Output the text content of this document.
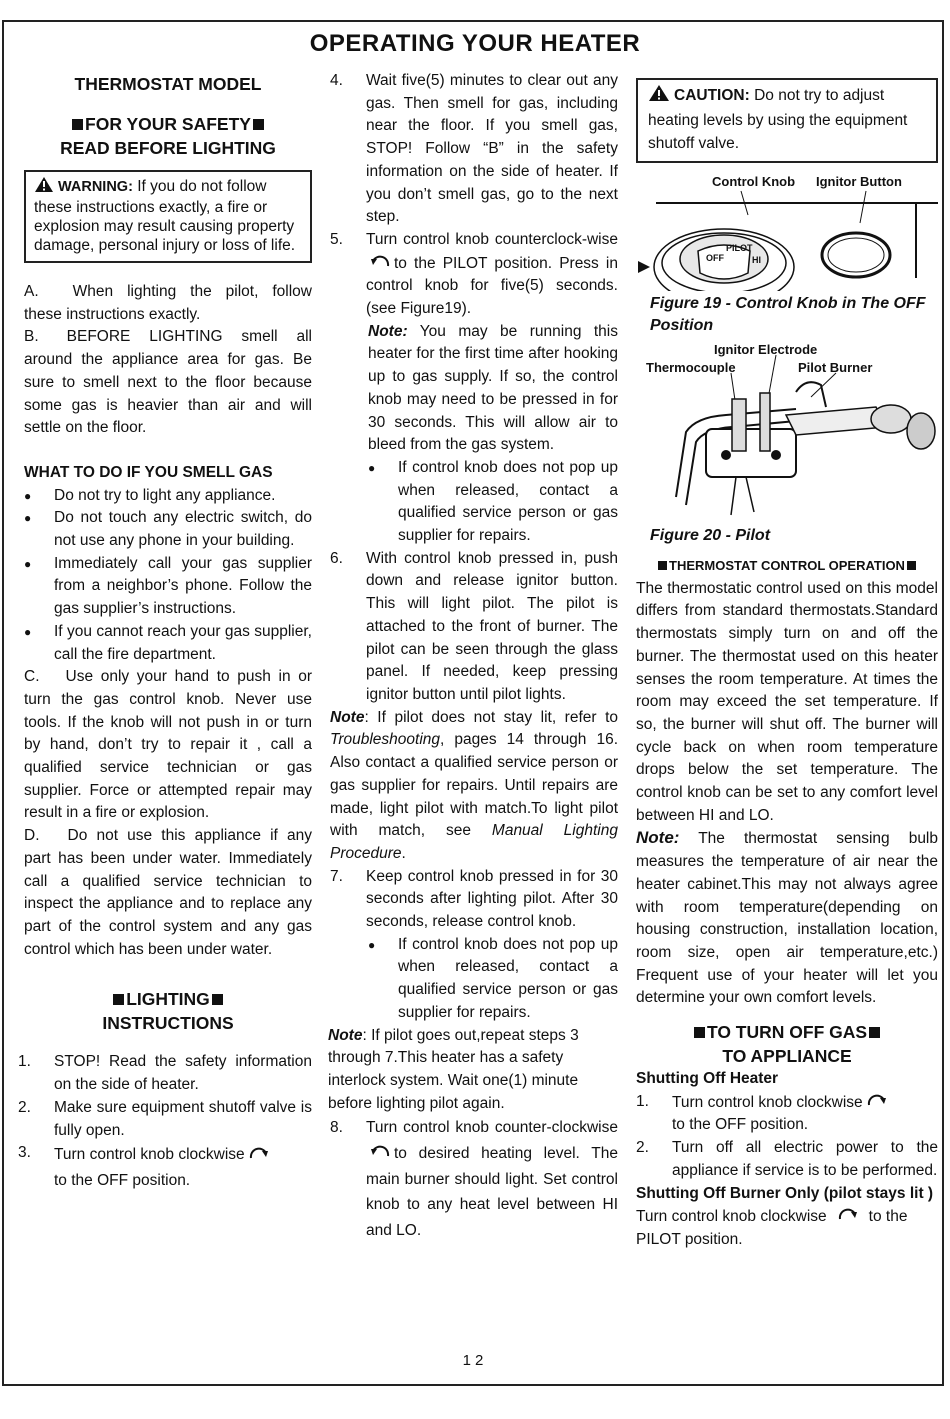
OPERATING YOUR HEATER
THERMOSTAT MODEL
FOR YOUR SAFETY
READ BEFORE LIGHTING
WARNING: If you do not follow these instructions exactly, a fire or explosion may result causing property damage, personal injury or loss of life.
A. When lighting the pilot, follow these instructions exactly.
B. BEFORE LIGHTING smell all around the appliance area for gas. Be sure to smell next to the floor because some gas is heavier than air and will settle on the floor.
WHAT TO DO IF YOU SMELL GAS
●
Do not try to light any appliance.
●
Do not touch any electric switch, do not use any phone in your building.
●
Immediately call your gas supplier from a neighbor’s phone. Follow the gas supplier’s instructions.
●
If you cannot reach your gas supplier, call the fire department.
C. Use only your hand to push in or turn the gas control knob. Never use tools. If the knob will not push in or turn by hand, don’t try to repair it , call a qualified service technician or gas supplier. Force or attempted repair may result in a fire or explosion.
D. Do not use this appliance if any part has been under water. Immediately call a qualified service technician to inspect the appliance and to replace any part of the control system and any gas control which has been under water.
LIGHTING
INSTRUCTIONS
1.	STOP! Read the safety information on the side of heater.
2.	Make sure equipment shutoff valve is fully open.
3.	Turn control knob clockwise
to the OFF position.
4.	Wait five(5) minutes to clear out any gas. Then smell for gas, including near the floor. If you smell gas, STOP! Follow “B” in the safety information on the side of heater. If you don’t smell gas, go to the next step.
5.	Turn control knob counterclock-wiseto the PILOT position. Press in control knob for five(5) seconds. (see Figure19).
Note: You may be running this heater for the first time after hooking up to gas supply. If so, the control knob may need to be pressed in for 30 seconds. This will allow air to bleed from the gas system.
●
If control knob does not pop up when released, contact a qualified service person or gas supplier for repairs.
6.	With control knob pressed in, push down and release ignitor button. This will light pilot. The pilot is attached to the front of burner. The pilot can be seen through the glass panel. If needed, keep pressing ignitor button until pilot lights.
Note: If pilot does not stay lit, refer to Troubleshooting, pages 14 through 16. Also contact a qualified service person or gas supplier for repairs. Until repairs are made, light pilot with match.To light pilot with match, see Manual Lighting Procedure.
7.	Keep control knob pressed in for 30 seconds after lighting pilot. After 30 seconds, release control knob.
●
If control knob does not pop up when released, contact a qualified service person or gas supplier for repairs.
Note: If pilot goes out,repeat steps 3 through 7.This heater has a safety interlock system. Wait one(1) minute before lighting pilot again.
8.	Turn control knob counter-clockwiseto desired heating level. The main burner should light. Set control knob to any heat level between HI and LO.
CAUTION: Do not try to adjust heating levels by using the equipment shutoff valve.
Control Knob Ignitor Button
OFF
PILOT
HI
Figure 19 - Control Knob in The OFF Position
Ignitor Electrode
Thermocouple	Pilot Burner
Figure 20 - Pilot
THERMOSTAT CONTROL OPERATION
The thermostatic control used on this model differs from standard thermostats.Standard thermostats simply turn on and off the burner. The thermostat used on this heater senses the room temperature. At times the room may exceed the set temperature. If so, the burner will shut off. The burner will cycle back on when room temperature drops below the set temperature. The control knob can be set to any comfort level between HI and LO.
Note: The thermostat sensing bulb measures the temperature of air near the heater cabinet.This may not always agree with room temperature(depending on housing construction, installation location, room size, open air temperature,etc.) Frequent use of your heater will let you determine your own comfort levels.
TO TURN OFF GAS
TO APPLIANCE
Shutting Off Heater
1.	Turn control knob clockwise
to the OFF position.
2.	Turn off all electric power to the appliance if service is to be performed.
Shutting Off Burner Only (pilot stays lit )
Turn control knob clockwise	to the PILOT position.
12
